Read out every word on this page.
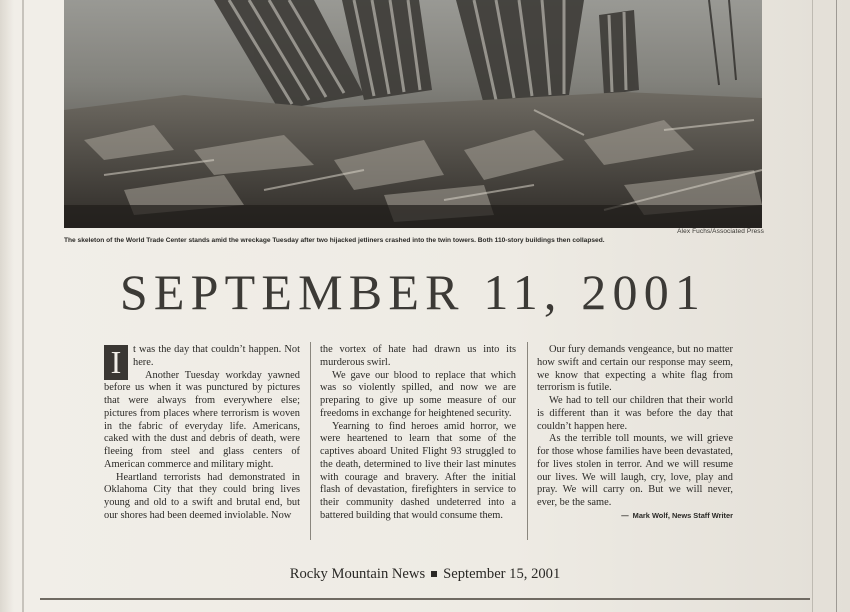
Alex Fuchs/Associated Press
The skeleton of the World Trade Center stands amid the wreckage Tuesday after two hijacked jetliners crashed into the twin towers. Both 110-story buildings then collapsed.
SEPTEMBER 11, 2001

I	t was the day that couldn’t happen. Not here.

Another Tuesday workday yawned before us when it was punctured by pictures that were always from everywhere else; pictures from places where terrorism is woven in the fabric of everyday life. Americans, caked with the dust and debris of death, were fleeing from steel and glass centers of American commerce and military might.

Heartland terrorists had demonstrated in Oklahoma City that they could bring lives young and old to a swift and brutal end, but our shores had been deemed inviolable. Now

the vortex of hate had drawn us into its murderous swirl.

We gave our blood to replace that which was so violently spilled, and now we are preparing to give up some measure of our freedoms in exchange for heightened security.

Yearning to find heroes amid horror, we were heartened to learn that some of the captives aboard United Flight 93 struggled to the death, determined to live their last minutes with courage and bravery. After the initial flash of devastation, firefighters in service to their community dashed undeterred into a battered building that would consume them.

Our fury demands vengeance, but no matter how swift and certain our response may seem, we know that expecting a white flag from terrorism is futile.

We had to tell our children that their world is different than it was before the day that couldn’t happen here.

As the terrible toll mounts, we will grieve for those whose families have been devastated, for lives stolen in terror. And we will resume our lives. We will laugh, cry, love, play and pray. We will carry on. But we will never, ever, be the same.

— Mark Wolf, News Staff Writer

Rocky Mountain News September 15, 2001
